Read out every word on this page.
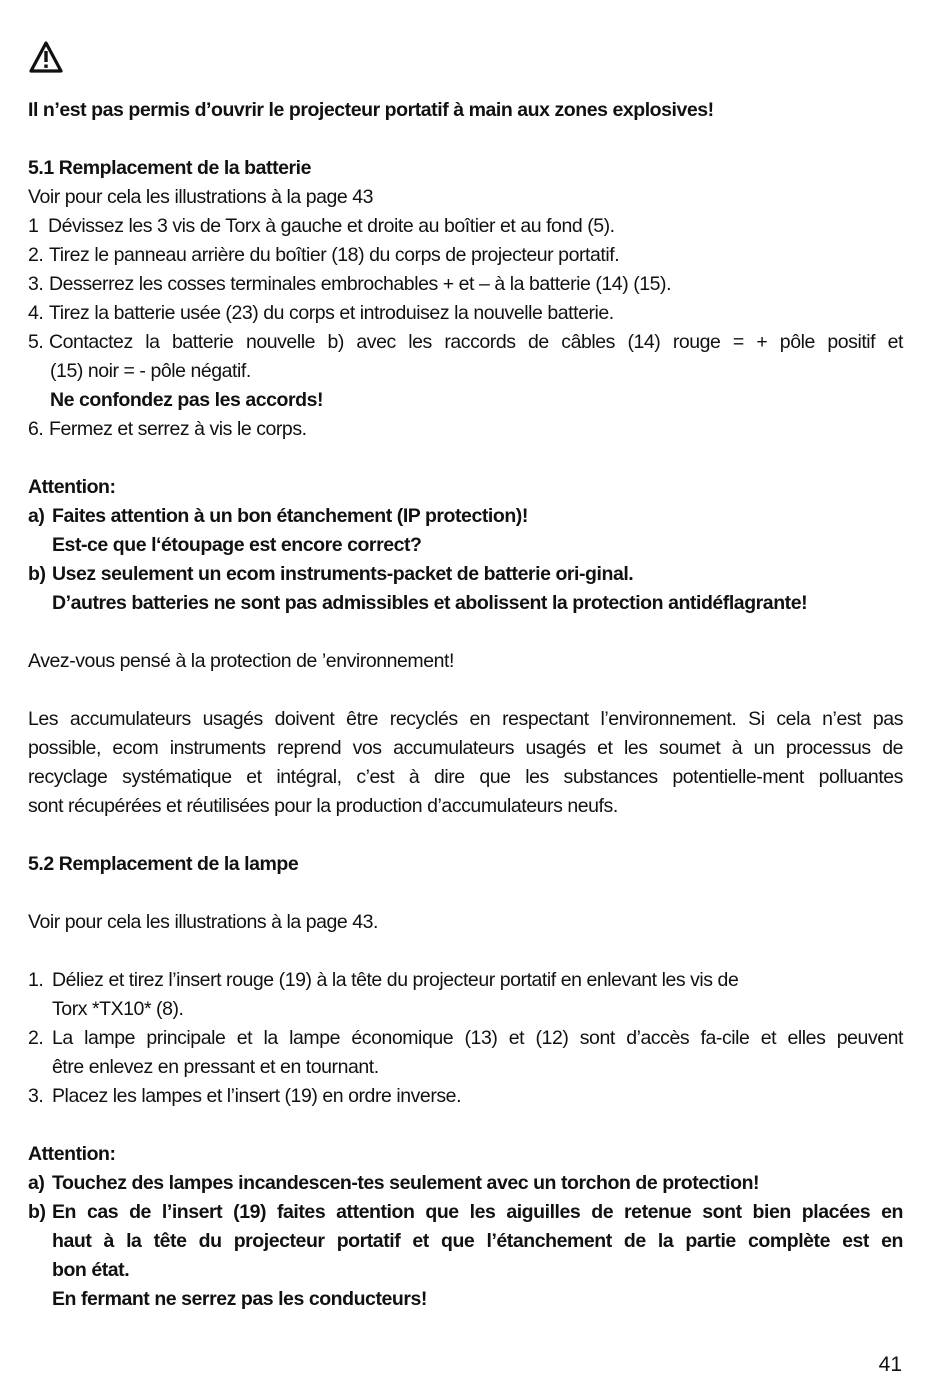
Il n’est pas permis d’ouvrir le projecteur portatif à main aux zones explosives!
5.1 Remplacement de la batterie
Voir pour cela les illustrations à la page 43
1 Dévissez les 3 vis de Torx à gauche et droite au boîtier et au fond (5).
2. Tirez le panneau arrière du boîtier (18) du corps de projecteur portatif.
3. Desserrez les cosses terminales embrochables + et – à la batterie (14) (15).
4. Tirez la batterie usée (23) du corps et introduisez la nouvelle batterie.
5. Contactez la batterie nouvelle b) avec les raccords de câbles (14) rouge = + pôle positif et
(15) noir = - pôle négatif.
Ne confondez pas les accords!
6. Fermez et serrez à vis le corps.
Attention:
a) Faites attention à un bon étanchement (IP protection)!
Est-ce que l‘étoupage est encore correct?
b) Usez seulement un ecom instruments-packet de batterie ori-ginal.
D’autres batteries ne sont pas admissibles et abolissent la protection antidéflagrante!
Avez-vous pensé à la protection de ’environnement!
Les accumulateurs usagés doivent être recyclés en respectant l’environnement. Si cela n’est pas
possible, ecom instruments reprend vos accumulateurs usagés et les soumet à un processus de
recyclage systématique et intégral, c’est à dire que les substances potentielle-ment polluantes
sont récupérées et réutilisées pour la production d’accumulateurs neufs.
5.2 Remplacement de la lampe
Voir pour cela les illustrations à la page 43.
1. Déliez et tirez l’insert rouge (19) à la tête du projecteur portatif en enlevant les vis de
Torx *TX10* (8).
2. La lampe principale et la lampe économique (13) et (12) sont d’accès fa-cile et elles peuvent
être enlevez en pressant et en tournant.
3. Placez les lampes et l’insert (19) en ordre inverse.
Attention:
a) Touchez des lampes incandescen-tes seulement avec un torchon de protection!
b) En cas de l’insert (19) faites attention que les aiguilles de retenue sont bien placées en
haut à la tête du projecteur portatif et que l’étanchement de la partie complète est en
bon état.
En fermant ne serrez pas les conducteurs!
41
